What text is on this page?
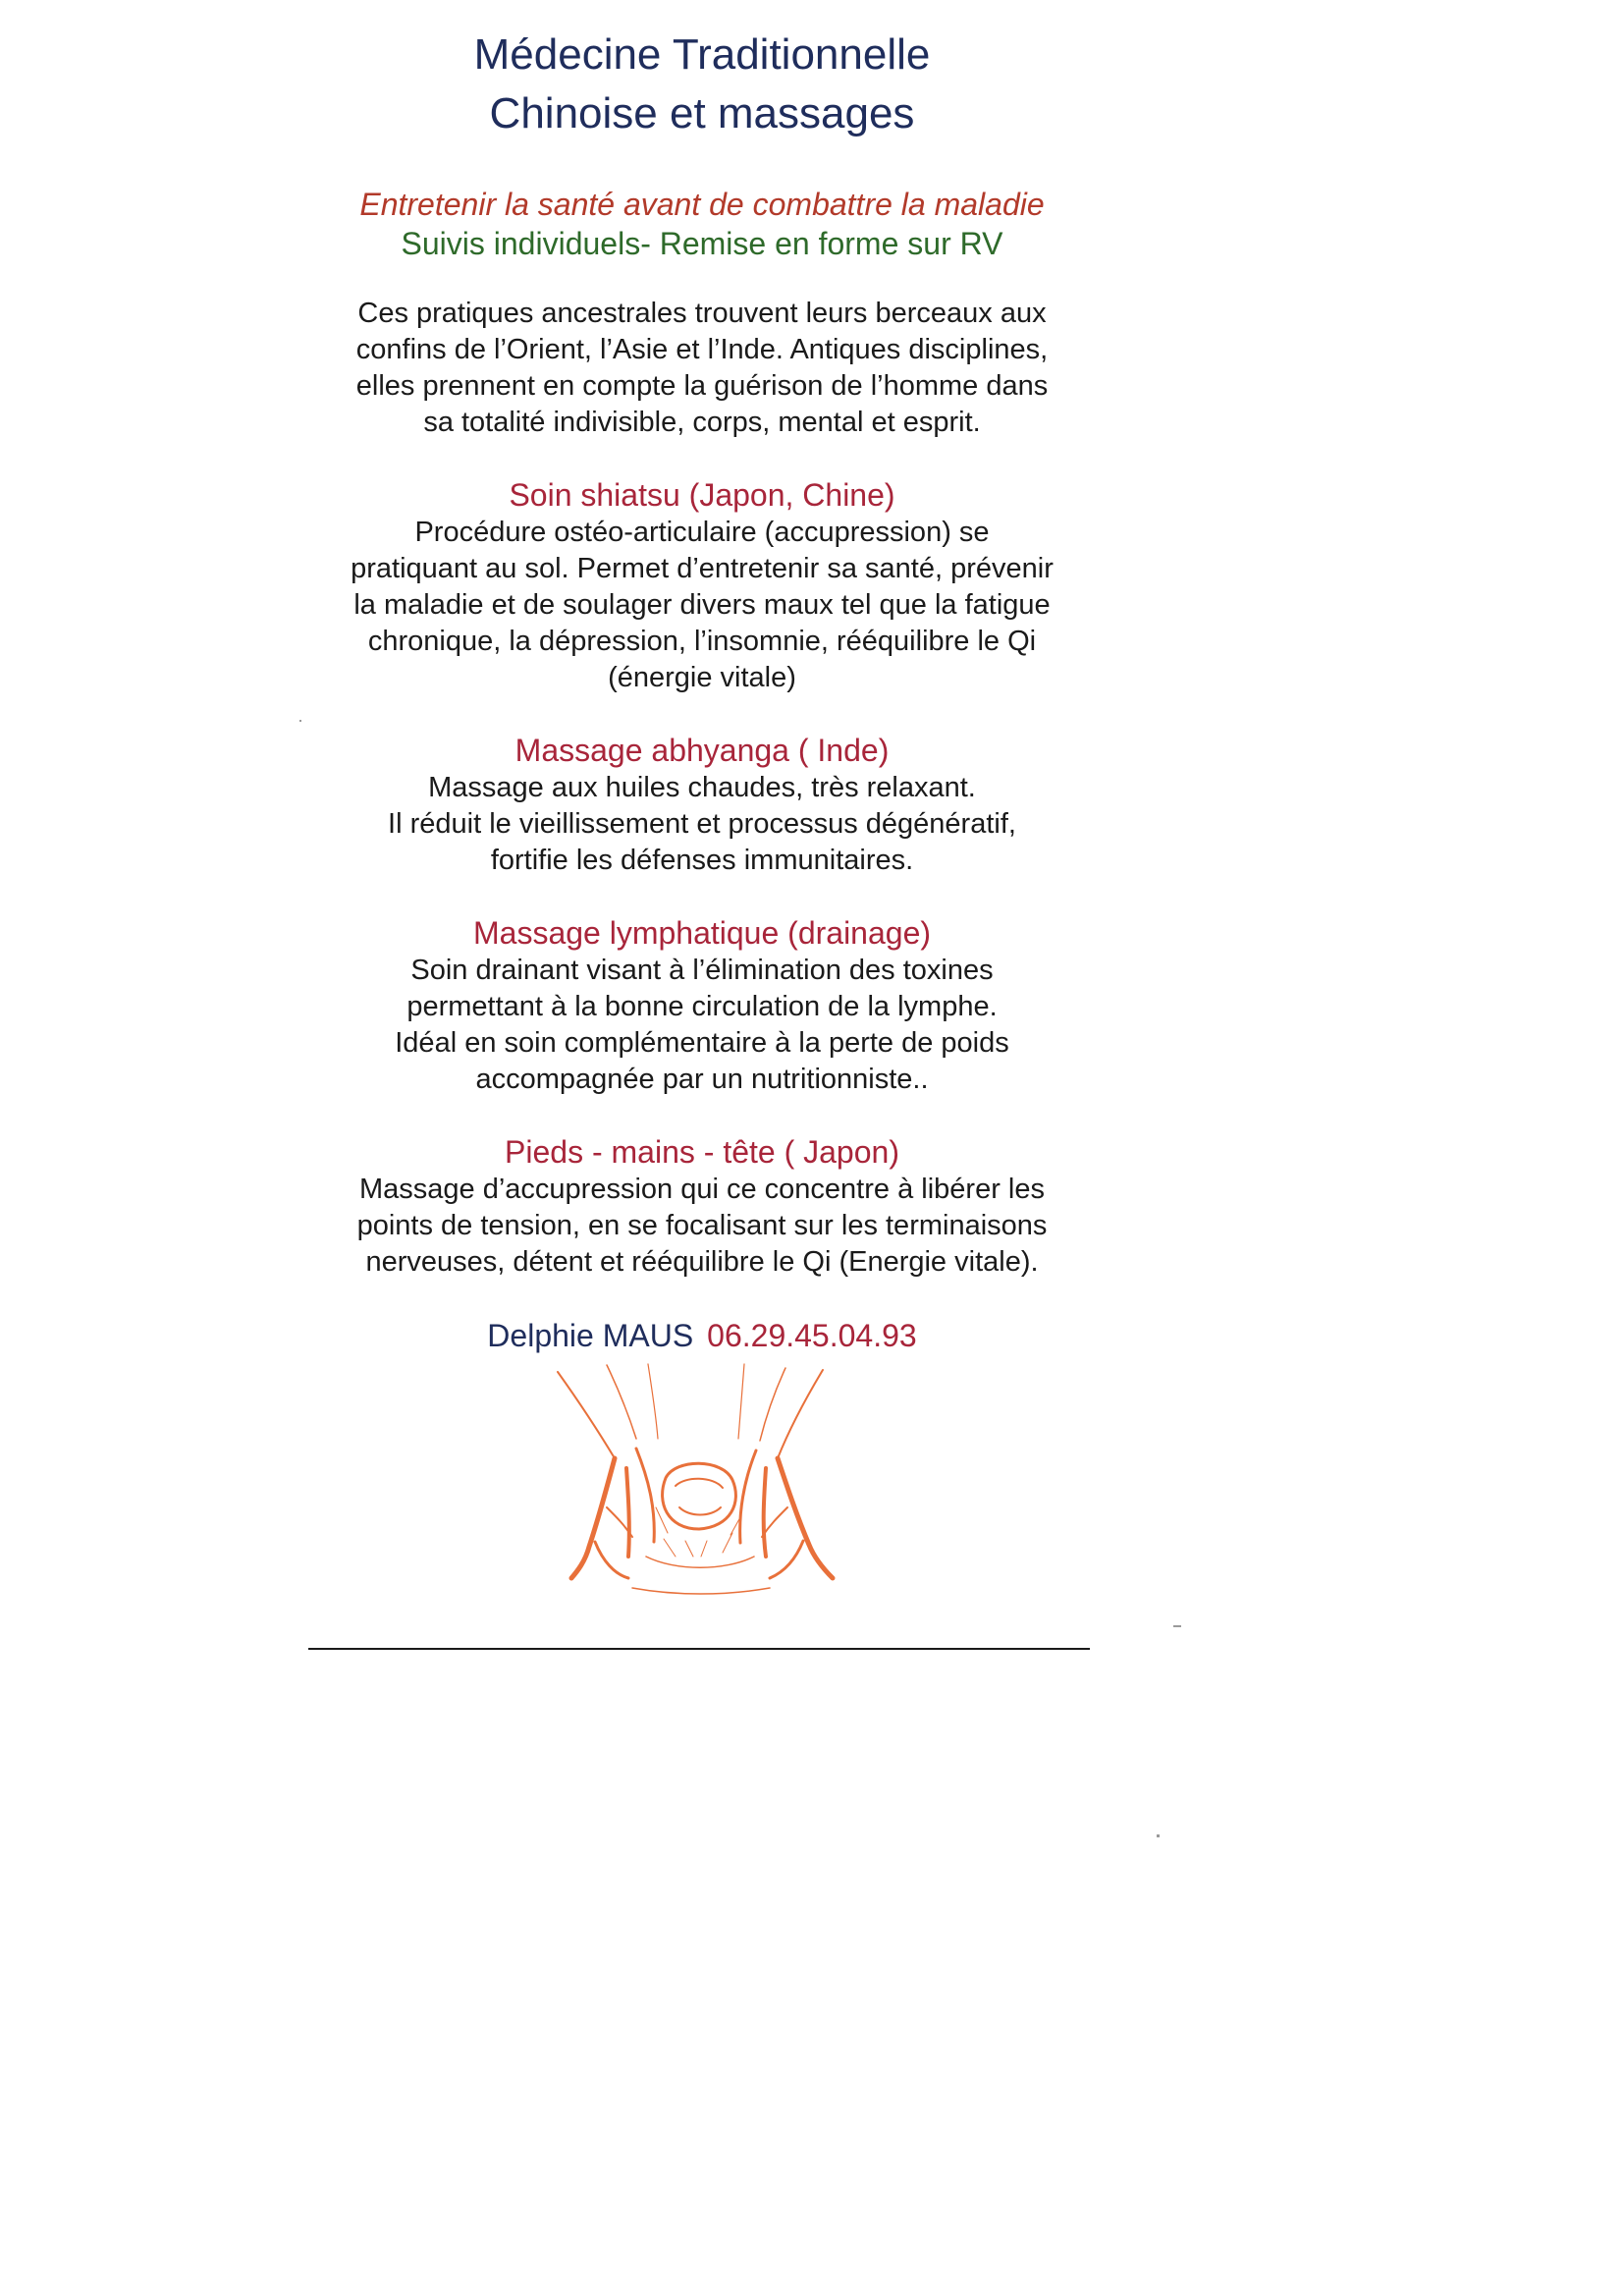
Médecine Traditionnelle
Chinoise et massages

Entretenir la santé avant de combattre la maladie

Suivis individuels- Remise en forme sur RV

Ces pratiques ancestrales trouvent leurs berceaux aux
confins de l’Orient, l’Asie et l’Inde. Antiques disciplines,
elles prennent en compte la guérison de l’homme dans
sa totalité indivisible, corps, mental et esprit.

Soin shiatsu (Japon, Chine)

Procédure ostéo-articulaire (accupression) se
pratiquant au sol. Permet d’entretenir sa santé, prévenir
la maladie et de soulager divers maux tel que la fatigue
chronique, la dépression, l’insomnie, rééquilibre le Qi
(énergie vitale)

Massage abhyanga ( Inde)

Massage aux huiles chaudes, très relaxant.
Il réduit le vieillissement et processus dégénératif,
fortifie les défenses immunitaires.

Massage lymphatique (drainage)

Soin drainant visant à l’élimination des toxines
permettant à la bonne circulation de la lymphe.
Idéal en soin complémentaire à la perte de poids
accompagnée par un nutritionniste..

Pieds - mains - tête ( Japon)

Massage d’accupression qui ce concentre à libérer les
points de tension, en se focalisant sur les terminaisons
nerveuses, détent et rééquilibre le Qi (Energie vitale).

Delphie MAUS 06.29.45.04.93
